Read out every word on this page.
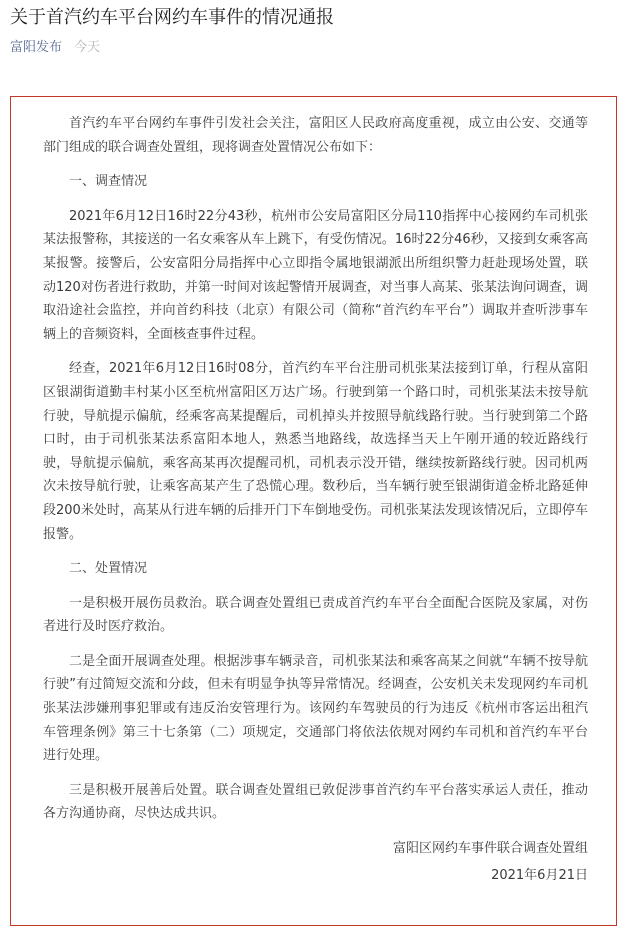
关于首汽约车平台网约车事件的情况通报
富阳发布 今天

首汽约车平台网约车事件引发社会关注，富阳区人民政府高度重视，成立由公安、交通等部门组成的联合调查处置组，现将调查处置情况公布如下：

一、调查情况

2021年6月12日16时22分43秒，杭州市公安局富阳区分局110指挥中心接网约车司机张某法报警称，其接送的一名女乘客从车上跳下，有受伤情况。16时22分46秒，又接到女乘客高某报警。接警后，公安富阳分局指挥中心立即指令属地银湖派出所组织警力赶赴现场处置，联动120对伤者进行救助，并第一时间对该起警情开展调查，对当事人高某、张某法询问调查，调取沿途社会监控，并向首约科技（北京）有限公司（简称“首汽约车平台”）调取并查听涉事车辆上的音频资料，全面核查事件过程。

经查，2021年6月12日16时08分，首汽约车平台注册司机张某法接到订单，行程从富阳区银湖街道勤丰村某小区至杭州富阳区万达广场。行驶到第一个路口时，司机张某法未按导航行驶，导航提示偏航，经乘客高某提醒后，司机掉头并按照导航线路行驶。当行驶到第二个路口时，由于司机张某法系富阳本地人，熟悉当地路线，故选择当天上午刚开通的较近路线行驶，导航提示偏航，乘客高某再次提醒司机，司机表示没开错，继续按新路线行驶。因司机两次未按导航行驶，让乘客高某产生了恐慌心理。数秒后，当车辆行驶至银湖街道金桥北路延伸段200米处时，高某从行进车辆的后排开门下车倒地受伤。司机张某法发现该情况后，立即停车报警。

二、处置情况

一是积极开展伤员救治。联合调查处置组已责成首汽约车平台全面配合医院及家属，对伤者进行及时医疗救治。

二是全面开展调查处理。根据涉事车辆录音，司机张某法和乘客高某之间就“车辆不按导航行驶”有过简短交流和分歧，但未有明显争执等异常情况。经调查，公安机关未发现网约车司机张某法涉嫌刑事犯罪或有违反治安管理行为。该网约车驾驶员的行为违反《杭州市客运出租汽车管理条例》第三十七条第（二）项规定，交通部门将依法依规对网约车司机和首汽约车平台进行处理。

三是积极开展善后处置。联合调查处置组已敦促涉事首汽约车平台落实承运人责任，推动各方沟通协商，尽快达成共识。

富阳区网约车事件联合调查处置组

2021年6月21日
